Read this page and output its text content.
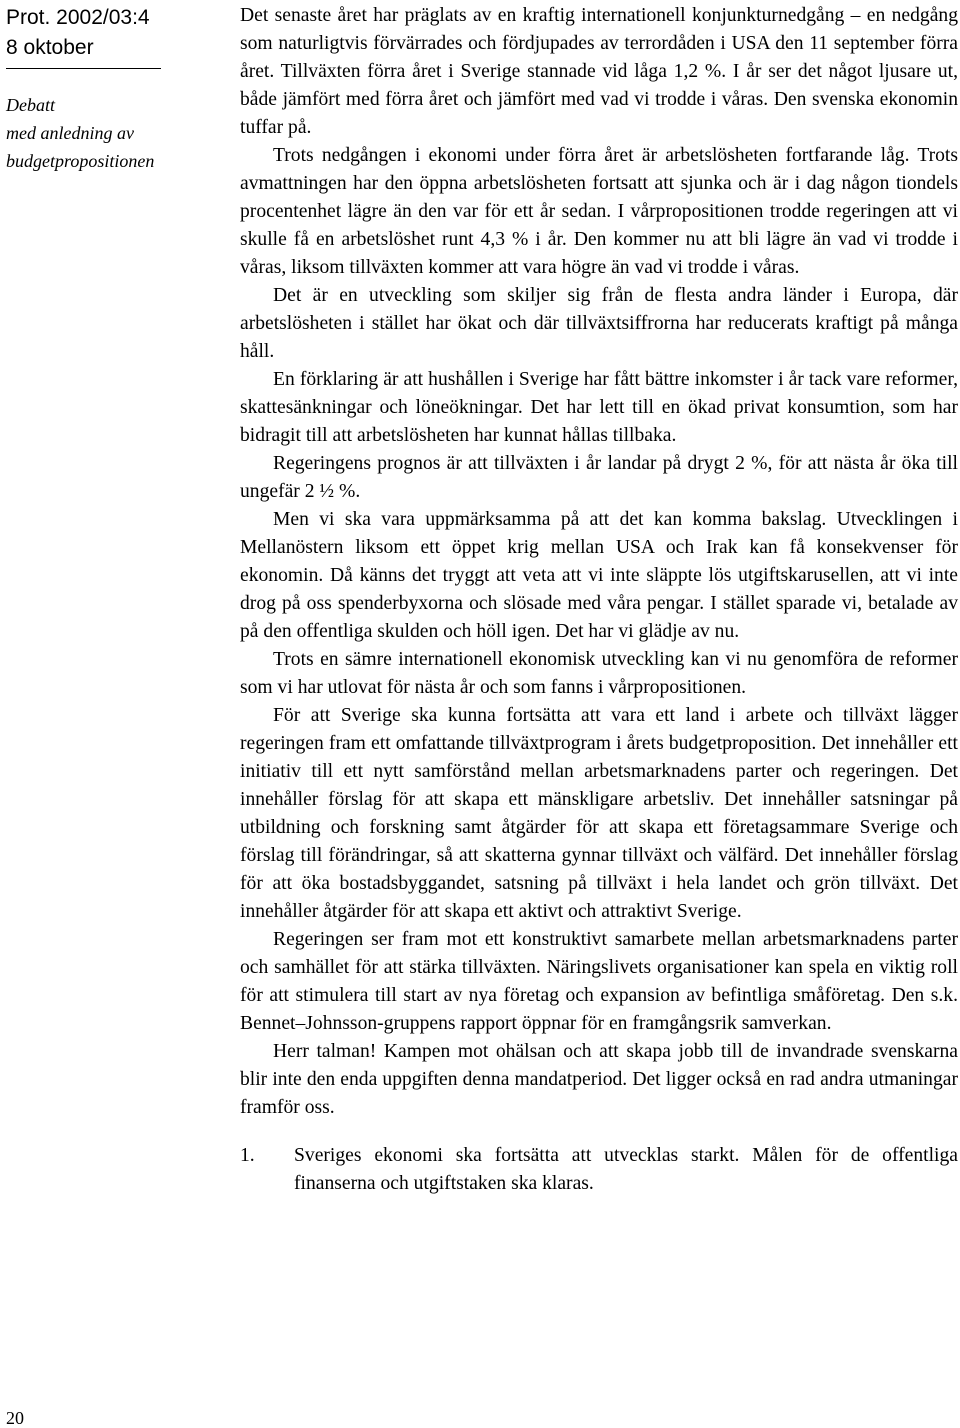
Prot. 2002/03:4
8 oktober
Debatt
med anledning av
budgetpropositionen
20

Det senaste året har präglats av en kraftig internationell konjunkturnedgång – en nedgång som naturligtvis förvärrades och fördjupades av terrordåden i USA den 11 september förra året. Tillväxten förra året i Sverige stannade vid låga 1,2 %. I år ser det något ljusare ut, både jämfört med förra året och jämfört med vad vi trodde i våras. Den svenska ekonomin tuffar på.

Trots nedgången i ekonomi under förra året är arbetslösheten fortfarande låg. Trots avmattningen har den öppna arbetslösheten fortsatt att sjunka och är i dag någon tiondels procentenhet lägre än den var för ett år sedan. I vårpropositionen trodde regeringen att vi skulle få en arbetslöshet runt 4,3 % i år. Den kommer nu att bli lägre än vad vi trodde i våras, liksom tillväxten kommer att vara högre än vad vi trodde i våras.

Det är en utveckling som skiljer sig från de flesta andra länder i Europa, där arbetslösheten i stället har ökat och där tillväxtsiffrorna har reducerats kraftigt på många håll.

En förklaring är att hushållen i Sverige har fått bättre inkomster i år tack vare reformer, skattesänkningar och löneökningar. Det har lett till en ökad privat konsumtion, som har bidragit till att arbetslösheten har kunnat hållas tillbaka.

Regeringens prognos är att tillväxten i år landar på drygt 2 %, för att nästa år öka till ungefär 2 ½ %.

Men vi ska vara uppmärksamma på att det kan komma bakslag. Utvecklingen i Mellanöstern liksom ett öppet krig mellan USA och Irak kan få konsekvenser för ekonomin. Då känns det tryggt att veta att vi inte släppte lös utgiftskarusellen, att vi inte drog på oss spenderbyxorna och slösade med våra pengar. I stället sparade vi, betalade av på den offentliga skulden och höll igen. Det har vi glädje av nu.

Trots en sämre internationell ekonomisk utveckling kan vi nu genomföra de reformer som vi har utlovat för nästa år och som fanns i vårpropositionen.

För att Sverige ska kunna fortsätta att vara ett land i arbete och tillväxt lägger regeringen fram ett omfattande tillväxtprogram i årets budgetproposition. Det innehåller ett initiativ till ett nytt samförstånd mellan arbetsmarknadens parter och regeringen. Det innehåller förslag för att skapa ett mänskligare arbetsliv. Det innehåller satsningar på utbildning och forskning samt åtgärder för att skapa ett företagsammare Sverige och förslag till förändringar, så att skatterna gynnar tillväxt och välfärd. Det innehåller förslag för att öka bostadsbyggandet, satsning på tillväxt i hela landet och grön tillväxt. Det innehåller åtgärder för att skapa ett aktivt och attraktivt Sverige.

Regeringen ser fram mot ett konstruktivt samarbete mellan arbetsmarknadens parter och samhället för att stärka tillväxten. Näringslivets organisationer kan spela en viktig roll för att stimulera till start av nya företag och expansion av befintliga småföretag. Den s.k. Bennet–Johnsson-gruppens rapport öppnar för en framgångsrik samverkan.

Herr talman! Kampen mot ohälsan och att skapa jobb till de invandrade svenskarna blir inte den enda uppgiften denna mandatperiod. Det ligger också en rad andra utmaningar framför oss.

1.	Sveriges ekonomi ska fortsätta att utvecklas starkt. Målen för de offentliga finanserna och utgiftstaken ska klaras.
